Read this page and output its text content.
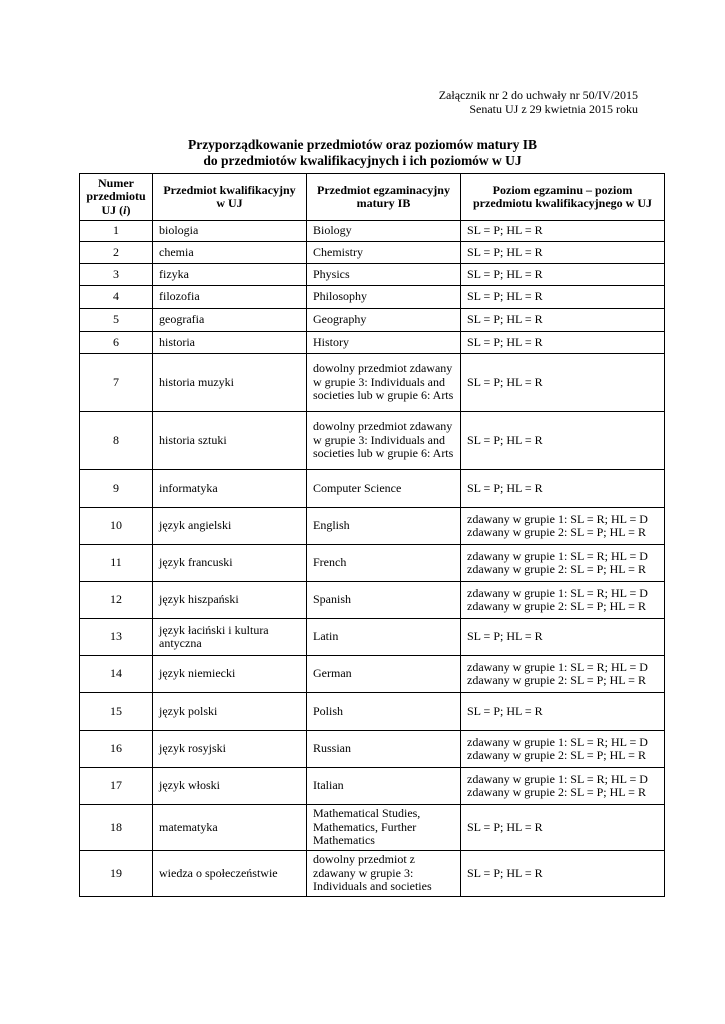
Załącznik nr 2 do uchwały nr 50/IV/2015
Senatu UJ z 29 kwietnia 2015 roku
Przyporządkowanie przedmiotów oraz poziomów matury IB
do przedmiotów kwalifikacyjnych i ich poziomów w UJ
Numer przedmiotu UJ (i)	Przedmiot kwalifikacyjny w UJ	Przedmiot egzaminacyjny matury IB	Poziom egzaminu – poziom przedmiotu kwalifikacyjnego w UJ
1	biologia	Biology	SL = P; HL = R
2	chemia	Chemistry	SL = P; HL = R
3	fizyka	Physics	SL = P; HL = R
4	filozofia	Philosophy	SL = P; HL = R
5	geografia	Geography	SL = P; HL = R
6	historia	History	SL = P; HL = R
7	historia muzyki	dowolny przedmiot zdawany w grupie 3: Individuals and societies lub w grupie 6: Arts	SL = P; HL = R
8	historia sztuki	dowolny przedmiot zdawany w grupie 3: Individuals and societies lub w grupie 6: Arts	SL = P; HL = R
9	informatyka	Computer Science	SL = P; HL = R
10	język angielski	English	zdawany w grupie 1: SL = R; HL = D zdawany w grupie 2: SL = P; HL = R
11	język francuski	French	zdawany w grupie 1: SL = R; HL = D zdawany w grupie 2: SL = P; HL = R
12	język hiszpański	Spanish	zdawany w grupie 1: SL = R; HL = D zdawany w grupie 2: SL = P; HL = R
13	język łaciński i kultura antyczna	Latin	SL = P; HL = R
14	język niemiecki	German	zdawany w grupie 1: SL = R; HL = D zdawany w grupie 2: SL = P; HL = R
15	język polski	Polish	SL = P; HL = R
16	język rosyjski	Russian	zdawany w grupie 1: SL = R; HL = D zdawany w grupie 2: SL = P; HL = R
17	język włoski	Italian	zdawany w grupie 1: SL = R; HL = D zdawany w grupie 2: SL = P; HL = R
18	matematyka	Mathematical Studies, Mathematics, Further Mathematics	SL = P; HL = R
19	wiedza o społeczeństwie	dowolny przedmiot z zdawany w grupie 3: Individuals and societies	SL = P; HL = R
